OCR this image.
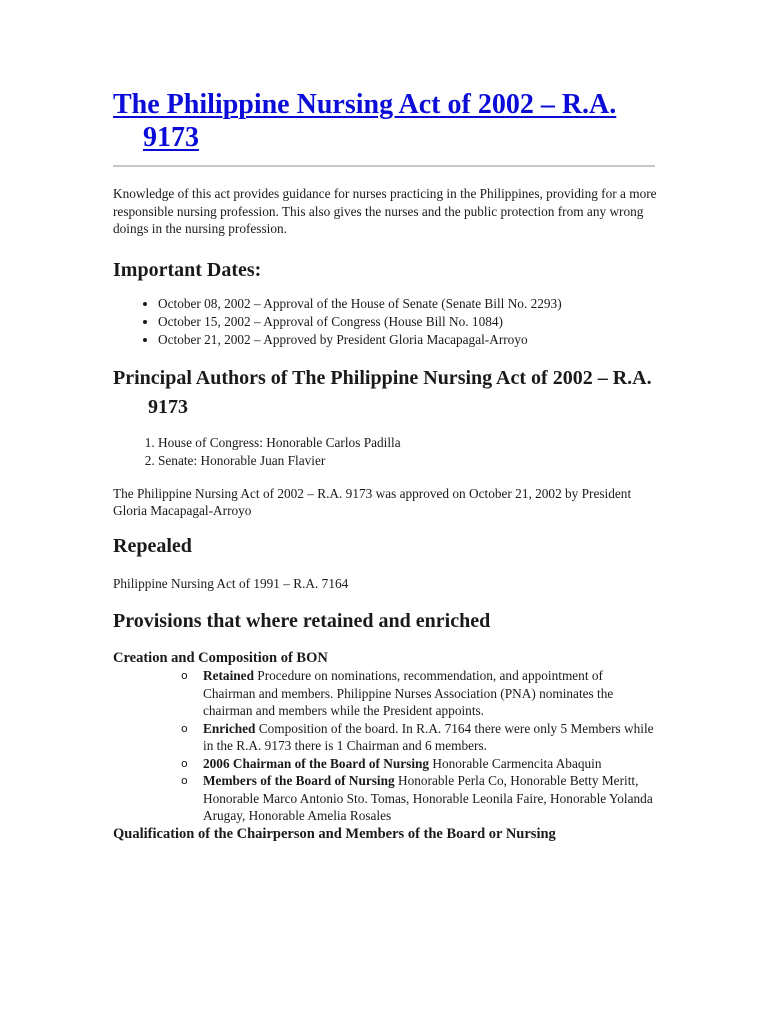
The Philippine Nursing Act of 2002 – R.A. 9173

Knowledge of this act provides guidance for nurses practicing in the Philippines, providing for a more responsible nursing profession. This also gives the nurses and the public protection from any wrong doings in the nursing profession.

Important Dates:
• October 08, 2002 – Approval of the House of Senate (Senate Bill No. 2293)
• October 15, 2002 – Approval of Congress (House Bill No. 1084)
• October 21, 2002 – Approved by President Gloria Macapagal-Arroyo
Principal Authors of The Philippine Nursing Act of 2002 – R.A. 9173
1. House of Congress: Honorable Carlos Padilla
2. Senate: Honorable Juan Flavier

The Philippine Nursing Act of 2002 – R.A. 9173 was approved on October 21, 2002 by President Gloria Macapagal-Arroyo

Repealed

Philippine Nursing Act of 1991 – R.A. 7164

Provisions that where retained and enriched
Creation and Composition of BON
o Retained Procedure on nominations, recommendation, and appointment of Chairman and members. Philippine Nurses Association (PNA) nominates the chairman and members while the President appoints.
o Enriched Composition of the board. In R.A. 7164 there were only 5 Members while in the R.A. 9173 there is 1 Chairman and 6 members.
o 2006 Chairman of the Board of Nursing Honorable Carmencita Abaquin
o Members of the Board of Nursing Honorable Perla Co, Honorable Betty Meritt, Honorable Marco Antonio Sto. Tomas, Honorable Leonila Faire, Honorable Yolanda Arugay, Honorable Amelia Rosales
Qualification of the Chairperson and Members of the Board or Nursing
